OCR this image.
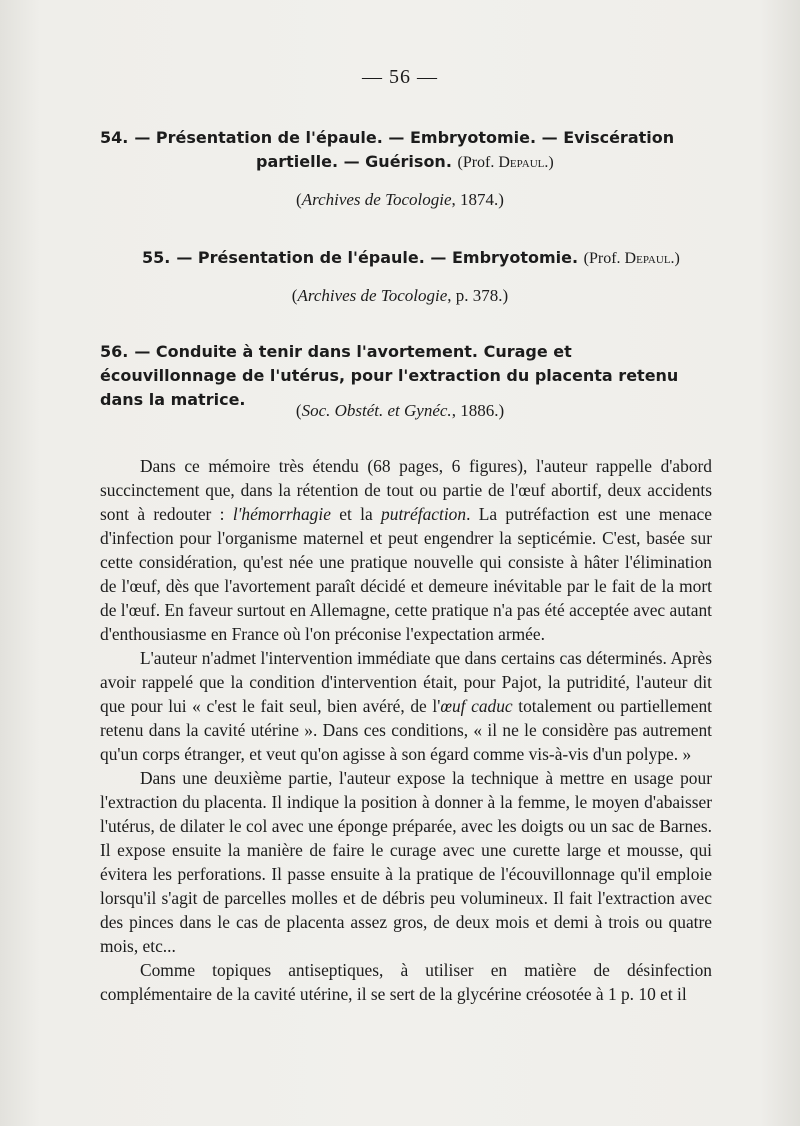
— 56 —
54. — Présentation de l'épaule. — Embryotomie. — Eviscération
partielle. — Guérison. (Prof. Depaul.)
(Archives de Tocologie, 1874.)
55. — Présentation de l'épaule. — Embryotomie. (Prof. Depaul.)
(Archives de Tocologie, p. 378.)
56. — Conduite à tenir dans l'avortement. Curage et écouvillonnage de l'utérus, pour l'extraction du placenta retenu dans la matrice.
(Soc. Obstét. et Gynéc., 1886.)

Dans ce mémoire très étendu (68 pages, 6 figures), l'auteur rappelle d'abord succinctement que, dans la rétention de tout ou partie de l'œuf abortif, deux accidents sont à redouter : l'hémorrhagie et la putréfaction. La putréfaction est une menace d'infection pour l'organisme maternel et peut engendrer la septicémie. C'est, basée sur cette considération, qu'est née une pratique nouvelle qui consiste à hâter l'élimination de l'œuf, dès que l'avortement paraît décidé et demeure inévitable par le fait de la mort de l'œuf. En faveur surtout en Allemagne, cette pratique n'a pas été acceptée avec autant d'enthousiasme en France où l'on préconise l'expectation armée.

L'auteur n'admet l'intervention immédiate que dans certains cas déterminés. Après avoir rappelé que la condition d'intervention était, pour Pajot, la putridité, l'auteur dit que pour lui « c'est le fait seul, bien avéré, de l'œuf caduc totalement ou partiellement retenu dans la cavité utérine ». Dans ces conditions, « il ne le considère pas autrement qu'un corps étranger, et veut qu'on agisse à son égard comme vis-à-vis d'un polype. »

Dans une deuxième partie, l'auteur expose la technique à mettre en usage pour l'extraction du placenta. Il indique la position à donner à la femme, le moyen d'abaisser l'utérus, de dilater le col avec une éponge préparée, avec les doigts ou un sac de Barnes. Il expose ensuite la manière de faire le curage avec une curette large et mousse, qui évitera les perforations. Il passe ensuite à la pratique de l'écouvillonnage qu'il emploie lorsqu'il s'agit de parcelles molles et de débris peu volumineux. Il fait l'extraction avec des pinces dans le cas de placenta assez gros, de deux mois et demi à trois ou quatre mois, etc...

Comme topiques antiseptiques, à utiliser en matière de désinfection complémentaire de la cavité utérine, il se sert de la glycérine créosotée à 1 p. 10 et il
